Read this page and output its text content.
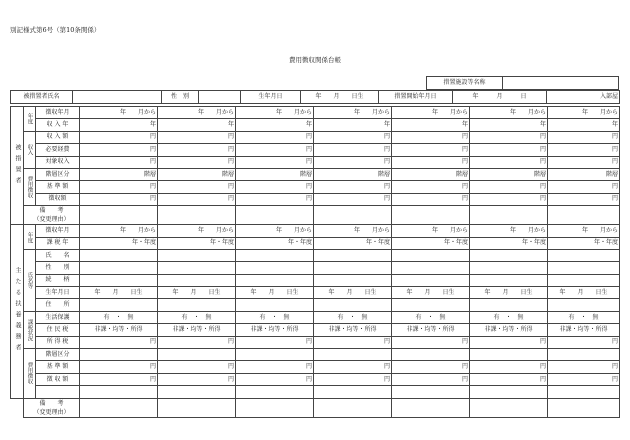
別記様式第6号（第10条関係）
費用徴収関係台帳
措置施設等名称	
被措置者氏名		性　別		生年月日	年　　月　　日生	措置開始年月日	年　　　月　　　日	入部屋
被措置者	年度	徴収年月	年　　月から	年　　月から	年　　月から	年　　月から	年　　月から	年　　月から	年　　月から
		収 入 年	年	年	年	年	年	年	年
	収入	収 入 額	円	円	円	円	円	円	円
		必要経費	円	円	円	円	円	円	円
		対象収入	円	円	円	円	円	円	円
	費用徴収	階層区分	階層	階層	階層	階層	階層	階層	階層
		基 準 額	円	円	円	円	円	円	円
		徴収額	円	円	円	円	円	円	円
	備　　考
（変更理由）								

主たる扶養義務者	年度	徴収年月	年　　月から	年　　月から	年　　月から	年　　月から	年　　月から	年　　月から	年　　月から
		課 税 年	年・年度	年・年度	年・年度	年・年度	年・年度	年・年度	年・年度
	氏名等	氏　　名							
		性　　別							
		続　　柄							
		生年月日	年　　月　　日生	年　　月　　日生	年　　月　　日生	年　　月　　日生	年　　月　　日生	年　　月　　日生	年　　月　　日生
		住　　所							
	課税状況	生活保護	有　・　無	有　・　無	有　・　無	有　・　無	有　・　無	有　・　無	有　・　無
		住 民 税	非課・均等・所得	非課・均等・所得	非課・均等・所得	非課・均等・所得	非課・均等・所得	非課・均等・所得	非課・均等・所得
		所 得 税	円	円	円	円	円	円	円
	費用徴収	階層区分							
		基 準 額	円	円	円	円	円	円	円
		徴 収 額	円	円	円	円	円	円	円

	備　　考
（変更理由）								
